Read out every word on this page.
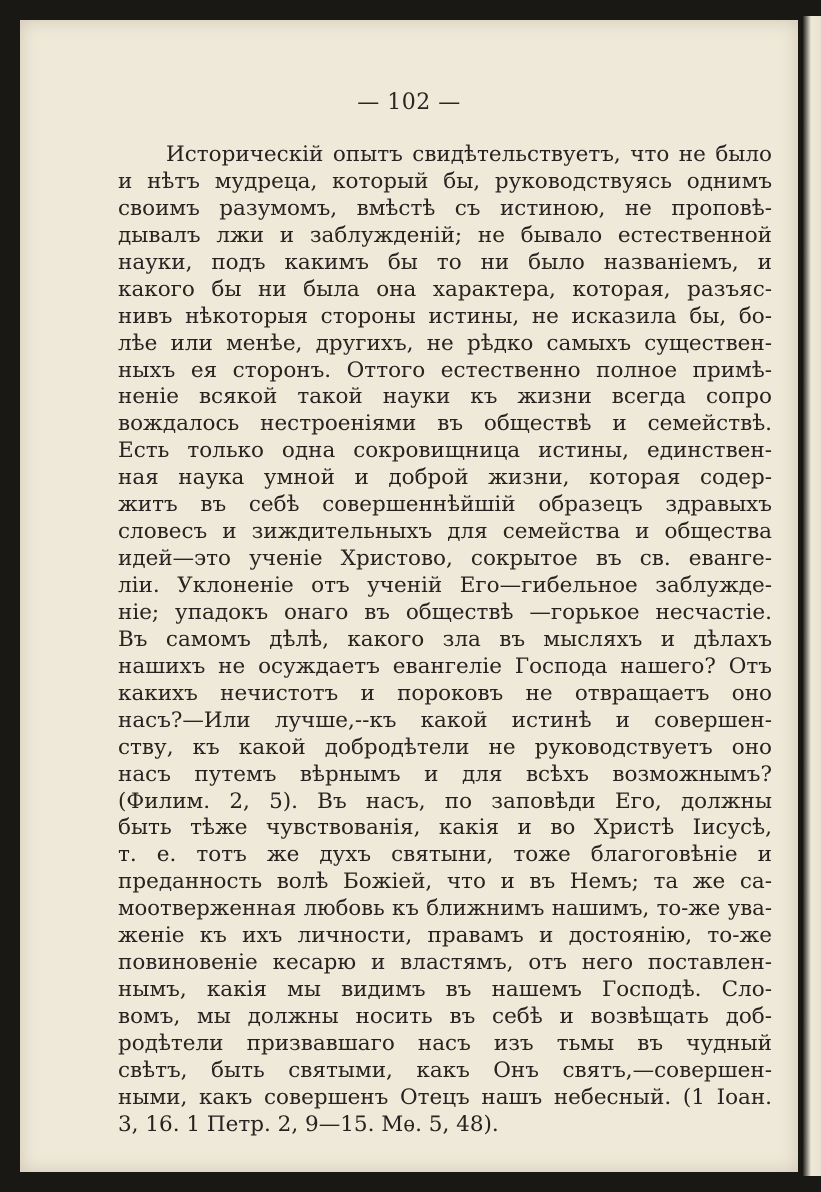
— 102 —
Историческій опытъ свидѣтельствуетъ, что не было
и нѣтъ мудреца, который бы, руководствуясь однимъ
своимъ разумомъ, вмѣстѣ съ истиною, не проповѣ-
дывалъ лжи и заблужденій; не бывало естественной
науки, подъ какимъ бы то ни было названіемъ, и
какого бы ни была она характера, которая, разъяс-
нивъ нѣкоторыя стороны истины, не исказила бы, бо-
лѣе или менѣе, другихъ, не рѣдко самыхъ существен-
ныхъ ея сторонъ. Оттого естественно полное примѣ-
неніе всякой такой науки къ жизни всегда сопро
вождалось нестроеніями въ обществѣ и семействѣ.
Есть только одна сокровищница истины, единствен-
ная наука умной и доброй жизни, которая содер-
житъ въ себѣ совершеннѣйшій образецъ здравыхъ
словесъ и зиждительныхъ для семейства и общества
идей—это ученіе Христово, сокрытое въ св. еванге-
ліи. Уклоненіе отъ ученій Его—гибельное заблужде-
ніе; упадокъ онаго въ обществѣ —горькое несчастіе.
Въ самомъ дѣлѣ, какого зла въ мысляхъ и дѣлахъ
нашихъ не осуждаетъ евангеліе Господа нашего? Отъ
какихъ нечистотъ и пороковъ не отвращаетъ оно
насъ?—Или лучше,--къ какой истинѣ и совершен-
ству, къ какой добродѣтели не руководствуетъ оно
насъ путемъ вѣрнымъ и для всѣхъ возможнымъ?
(Филим. 2, 5). Въ насъ, по заповѣди Его, должны
быть тѣже чувствованія, какія и во Христѣ Іисусѣ,
т. е. тотъ же духъ святыни, тоже благоговѣніе и
преданность волѣ Божіей, что и въ Немъ; та же са-
моотверженная любовь къ ближнимъ нашимъ, то-же ува-
женіе къ ихъ личности, правамъ и достоянію, то-же
повиновеніе кесарю и властямъ, отъ него поставлен-
нымъ, какія мы видимъ въ нашемъ Господѣ. Сло-
вомъ, мы должны носить въ себѣ и возвѣщать доб-
родѣтели призвавшаго насъ изъ тьмы въ чудный
свѣтъ, быть святыми, какъ Онъ святъ,—совершен-
ными, какъ совершенъ Отецъ нашъ небесный. (1 Іоан.
3, 16. 1 Петр. 2, 9—15. Мѳ. 5, 48).
